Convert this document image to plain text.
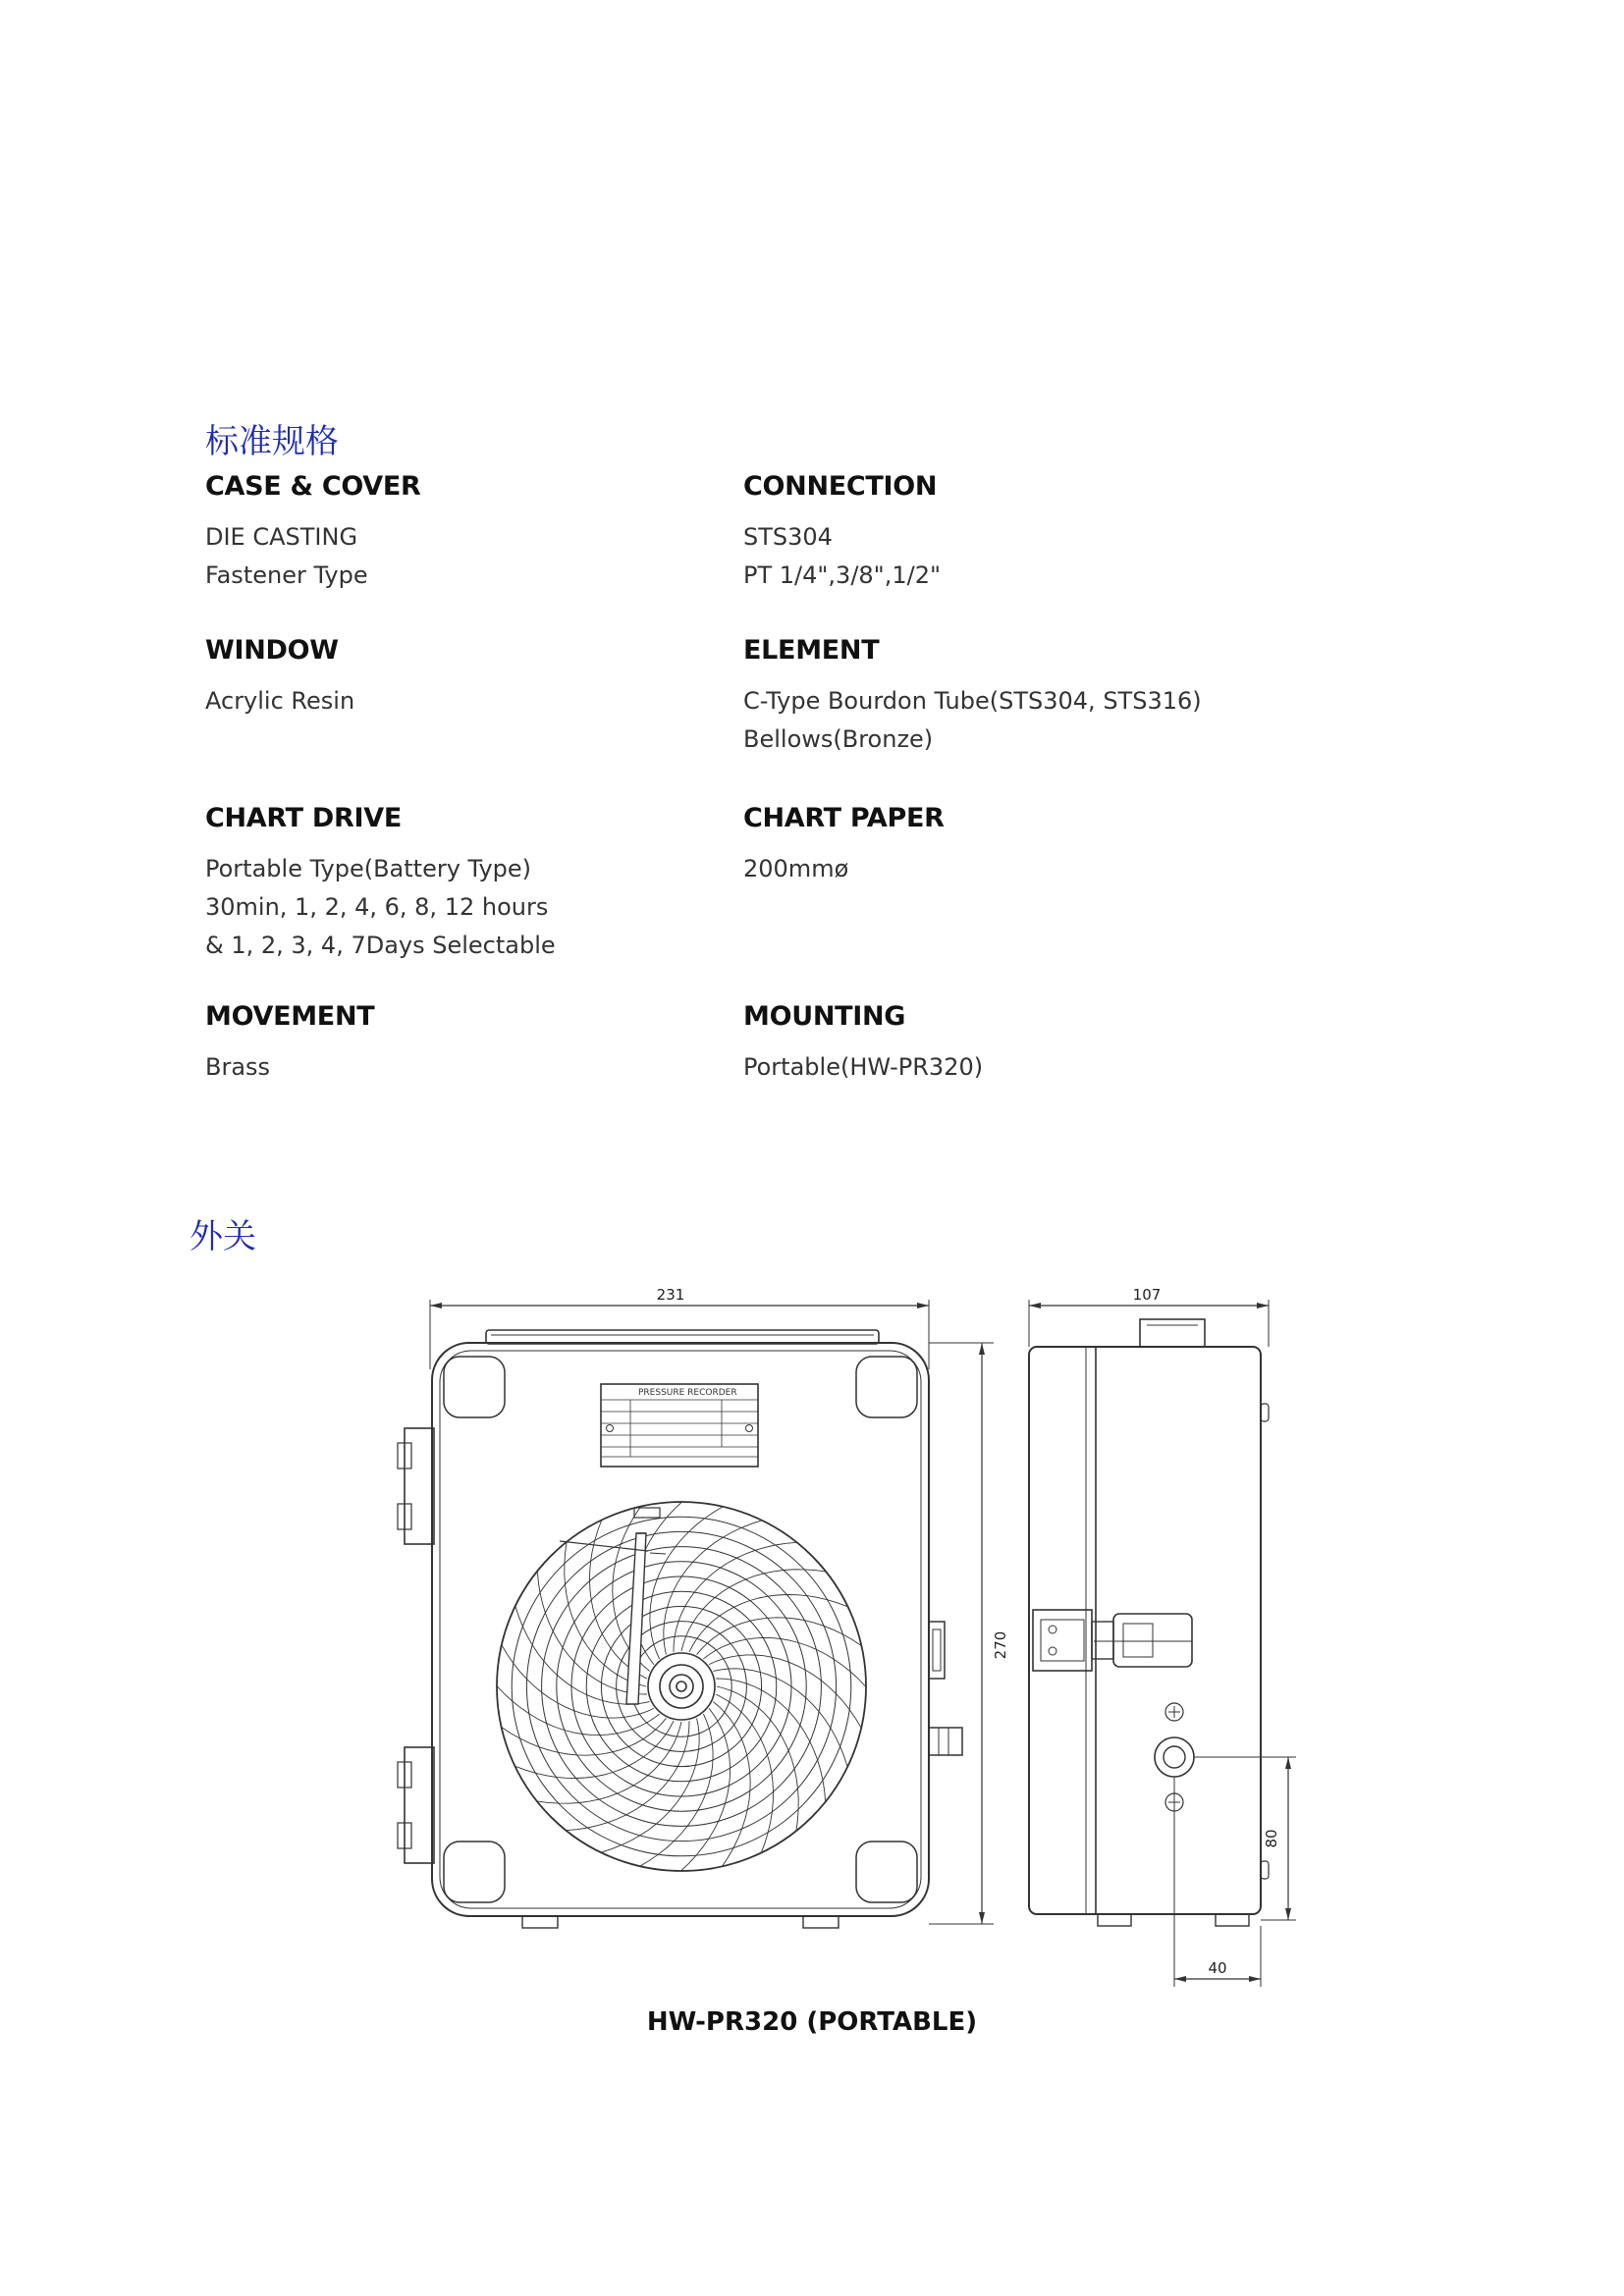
标准规格
CASE & COVER
DIE CASTING
Fastener Type
CONNECTION
STS304
PT 1/4",3/8",1/2"
WINDOW
Acrylic Resin
ELEMENT
C-Type Bourdon Tube(STS304, STS316)
Bellows(Bronze)
CHART DRIVE
Portable Type(Battery Type)
30min, 1, 2, 4, 6, 8, 12 hours
& 1, 2, 3, 4, 7Days Selectable
CHART PAPER
200mmø
MOVEMENT
Brass
MOUNTING
Portable(HW-PR320)
外关
231
PRESSURE RECORDER
270
107
80
40
HW-PR320 (PORTABLE)
